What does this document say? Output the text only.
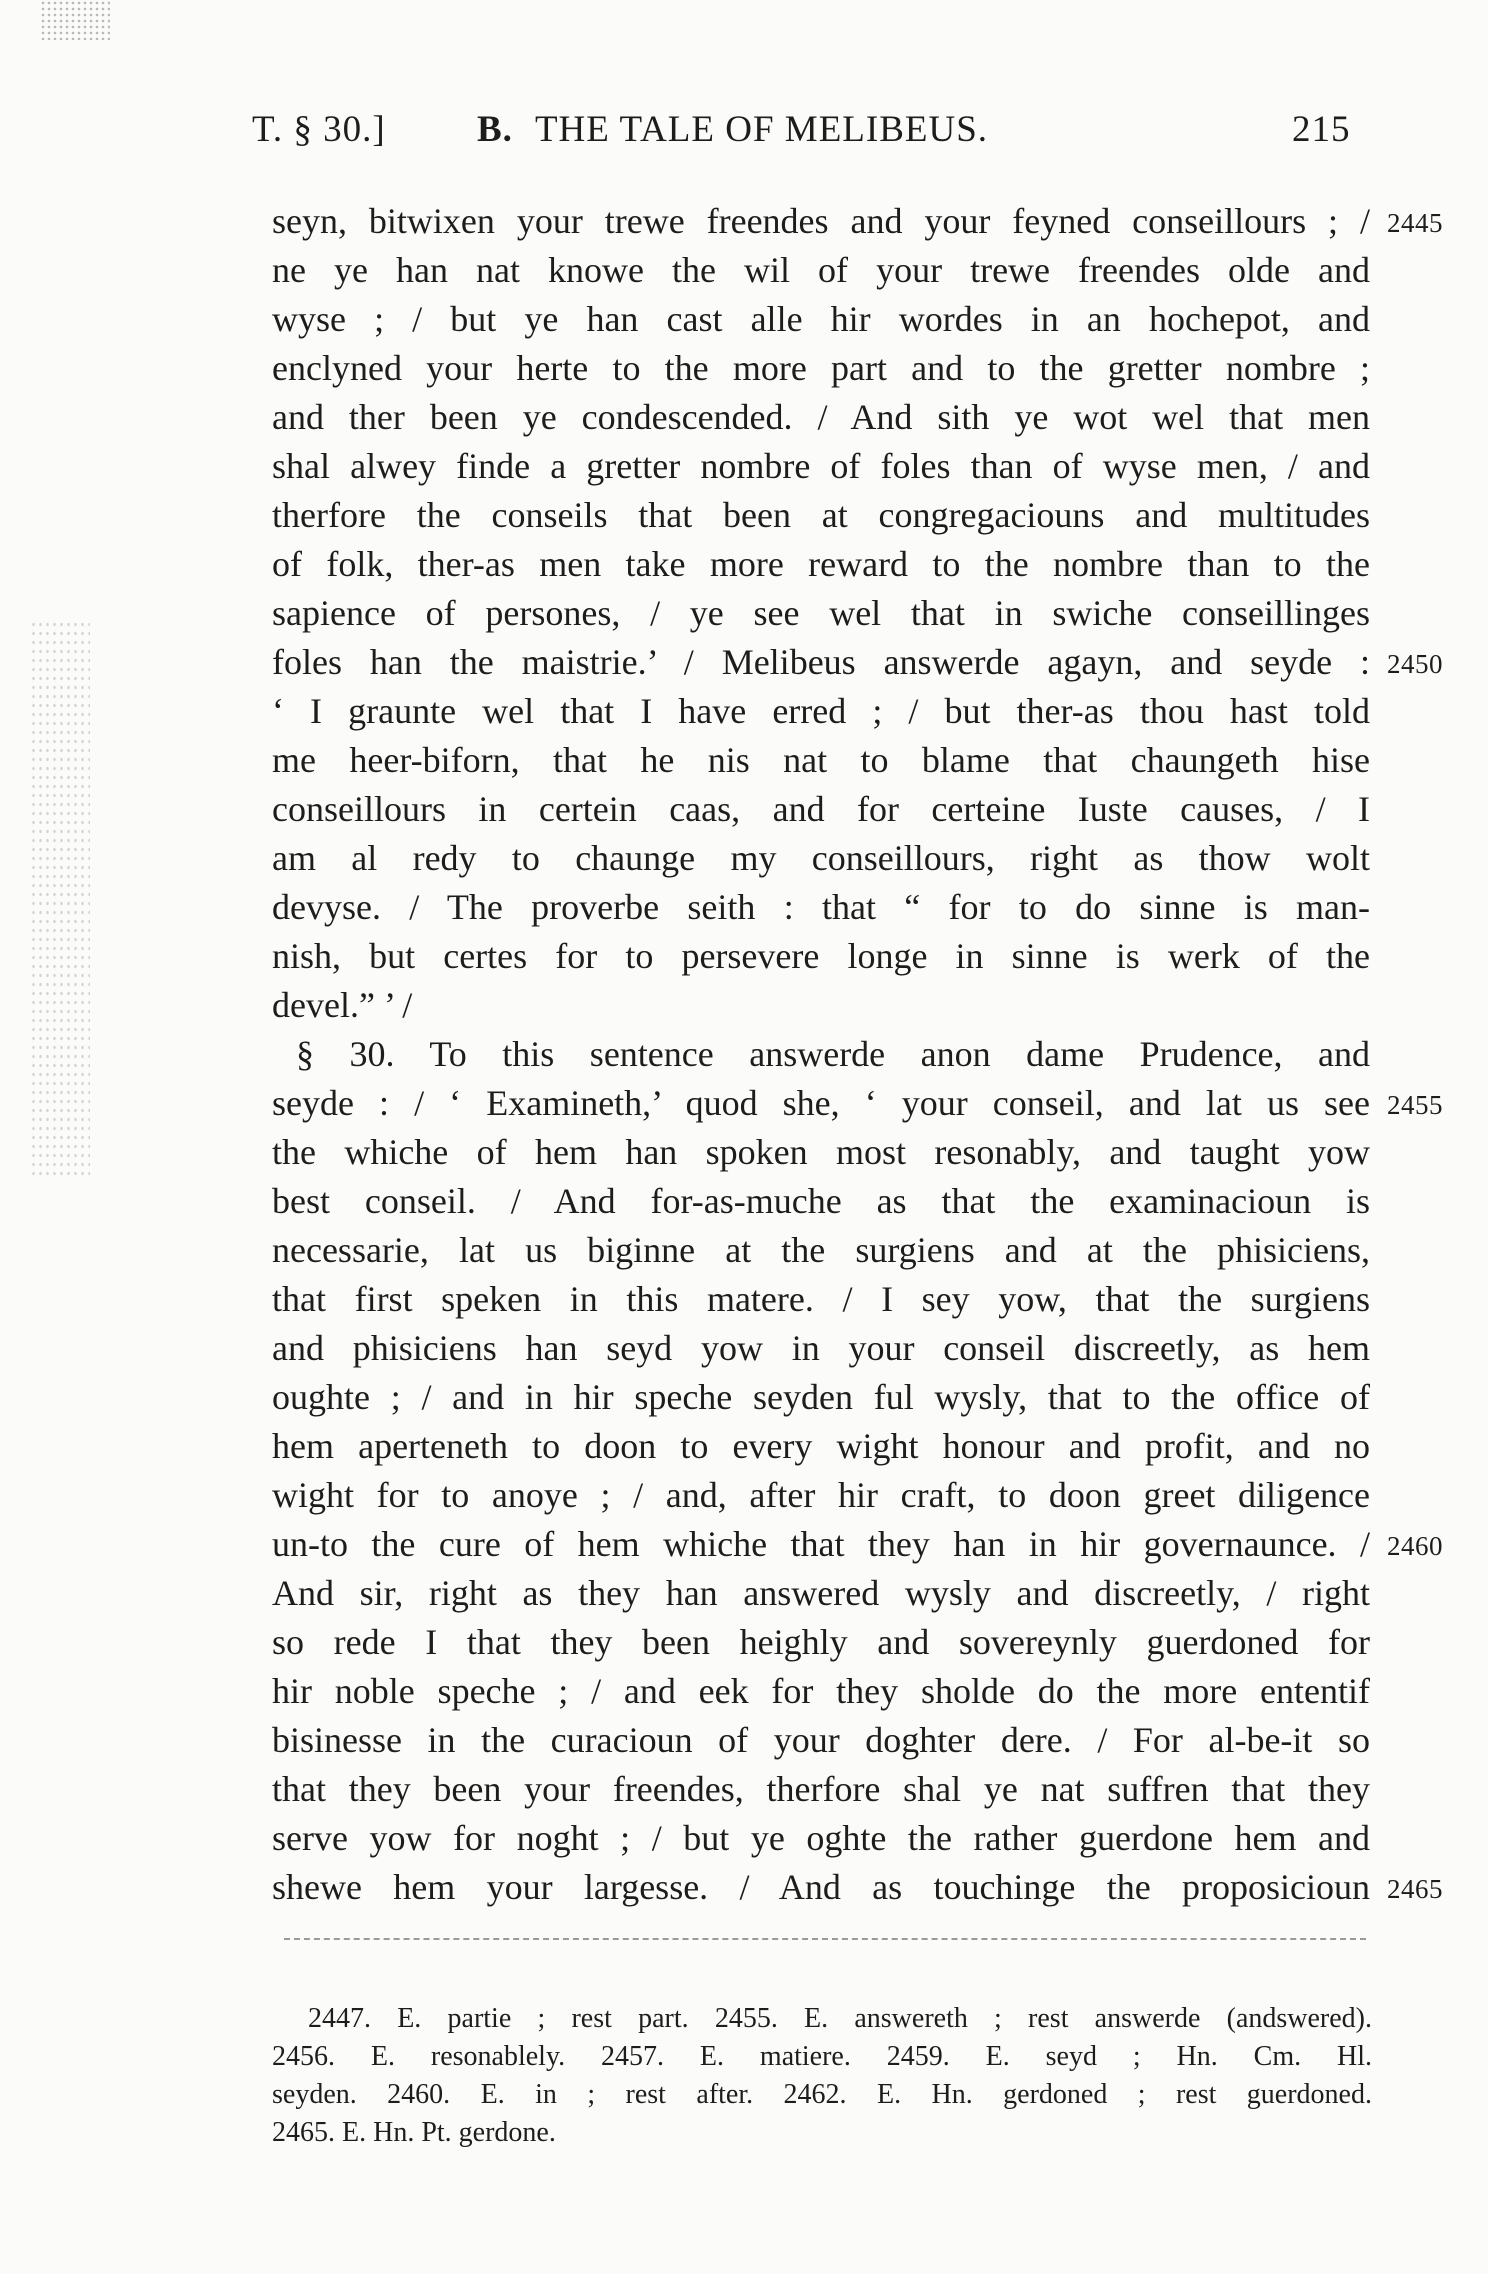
T. § 30.] B. THE TALE OF MELIBEUS.	215
seyn, bitwixen your trewe freendes and your feyned conseillours ; / 2445
ne ye han nat knowe the wil of your trewe freendes olde and
wyse ; / but ye han cast alle hir wordes in an hochepot, and
enclyned your herte to the more part and to the gretter nombre ;
and ther been ye condescended. / And sith ye wot wel that men
shal alwey finde a gretter nombre of foles than of wyse men, / and
therfore the conseils that been at congregaciouns and multitudes
of folk, ther-as men take more reward to the nombre than to the
sapience of persones, / ye see wel that in swiche conseillinges
foles han the maistrie.’ / Melibeus answerde agayn, and seyde : 2450
‘ I graunte wel that I have erred ; / but ther-as thou hast told
me heer-biforn, that he nis nat to blame that chaungeth hise
conseillours in certein caas, and for certeine Iuste causes, / I
am al redy to chaunge my conseillours, right as thow wolt
devyse. / The proverbe seith : that “ for to do sinne is man-
nish, but certes for to persevere longe in sinne is werk of the
devel.” ’ /
§ 30. To this sentence answerde anon dame Prudence, and
seyde : / ‘ Examineth,’ quod she, ‘ your conseil, and lat us see 2455
the whiche of hem han spoken most resonably, and taught yow
best conseil. / And for-as-muche as that the examinacioun is
necessarie, lat us biginne at the surgiens and at the phisiciens,
that first speken in this matere. / I sey yow, that the surgiens
and phisiciens han seyd yow in your conseil discreetly, as hem
oughte ; / and in hir speche seyden ful wysly, that to the office of
hem aperteneth to doon to every wight honour and profit, and no
wight for to anoye ; / and, after hir craft, to doon greet diligence
un-to the cure of hem whiche that they han in hir governaunce. / 2460
And sir, right as they han answered wysly and discreetly, / right
so rede I that they been heighly and sovereynly guerdoned for
hir noble speche ; / and eek for they sholde do the more ententif
bisinesse in the curacioun of your doghter dere. / For al-be-it so
that they been your freendes, therfore shal ye nat suffren that they
serve yow for noght ; / but ye oghte the rather guerdone hem and
shewe hem your largesse. / And as touchinge the proposicioun 2465
2447. E. partie ; rest part. 2455. E. answereth ; rest answerde (andswered).
2456. E. resonablely. 2457. E. matiere. 2459. E. seyd ; Hn. Cm. Hl.
seyden. 2460. E. in ; rest after. 2462. E. Hn. gerdoned ; rest guerdoned.
2465. E. Hn. Pt. gerdone.
